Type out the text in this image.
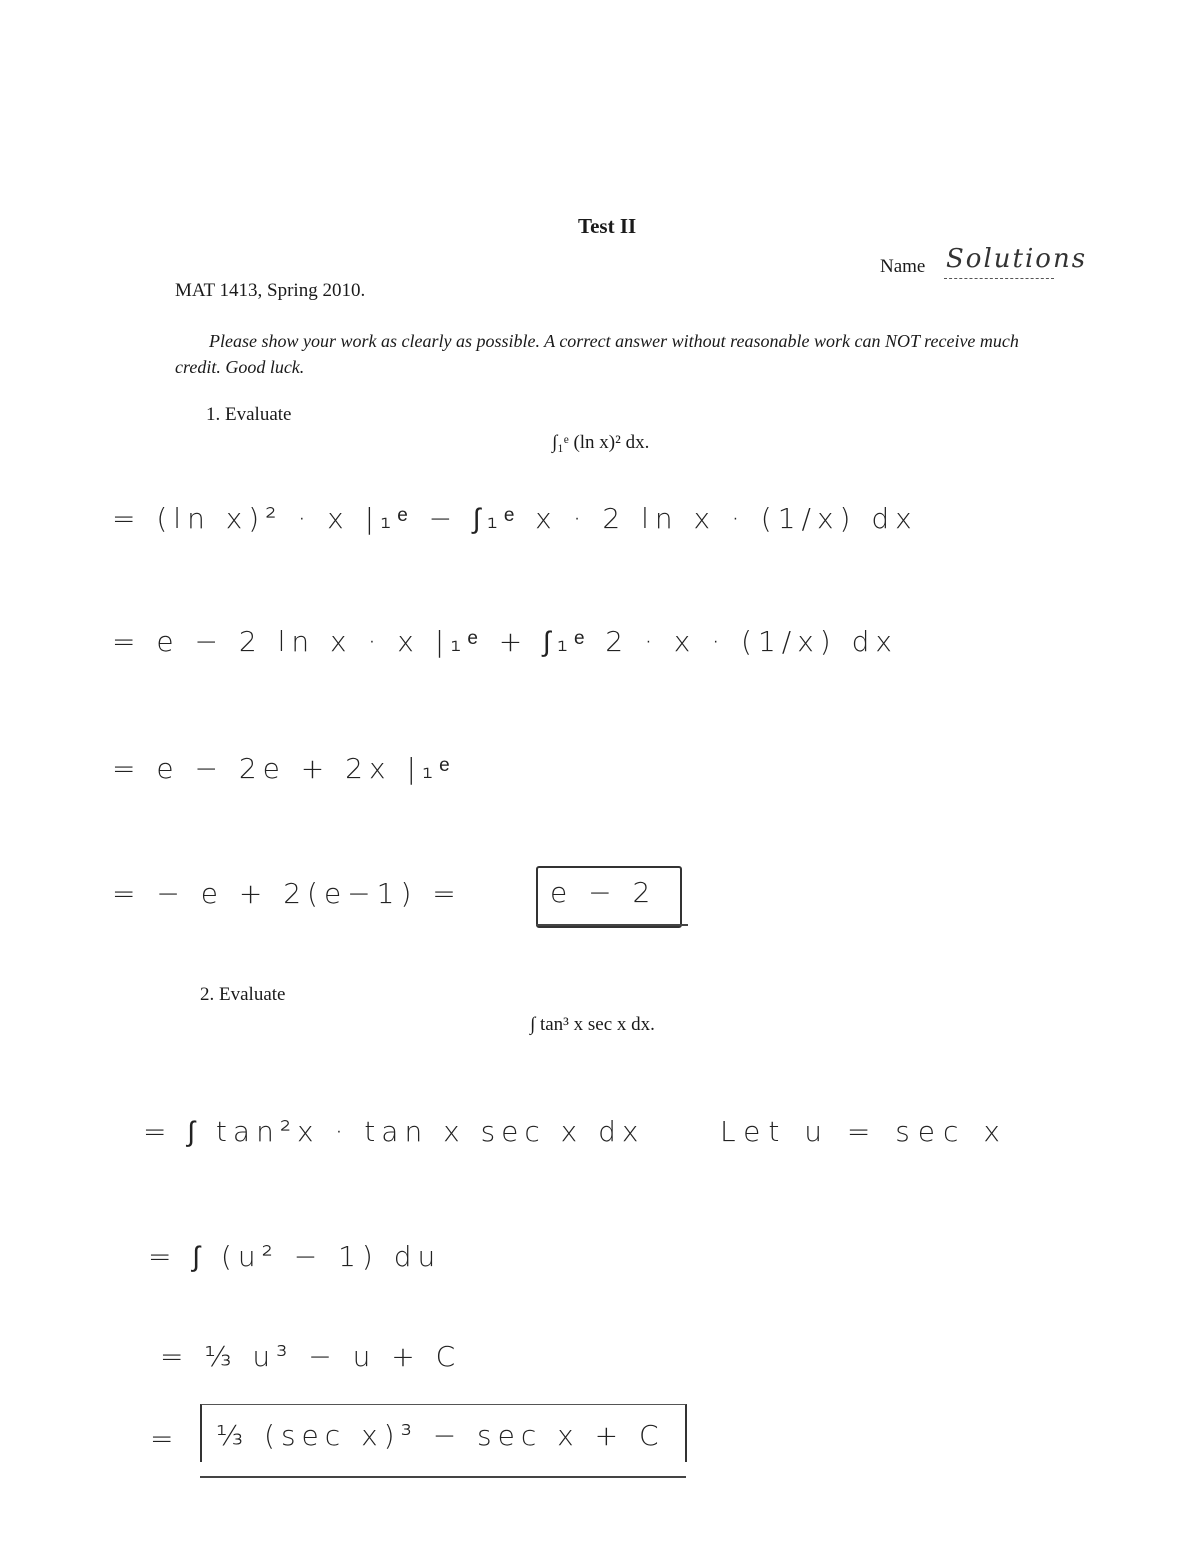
Test II
Name Solutions
MAT 1413, Spring 2010.
Please show your work as clearly as possible. A correct answer without reasonable work can NOT receive much credit. Good luck.
1. Evaluate
∫₁ᵉ (ln x)² dx.
= (ln x)² · x |₁ᵉ − ∫₁ᵉ x · 2 ln x · (1/x) dx
= e − 2 ln x · x |₁ᵉ + ∫₁ᵉ 2 · x · (1/x) dx
= e − 2e + 2x |₁ᵉ
= − e + 2(e−1) =	e − 2
2. Evaluate
∫ tan³ x sec x dx.
= ∫ tan²x · tan x sec x dx	Let u = sec x
= ∫ (u² − 1) du
= ⅓ u³ − u + C
=	⅓ (sec x)³ − sec x + C
